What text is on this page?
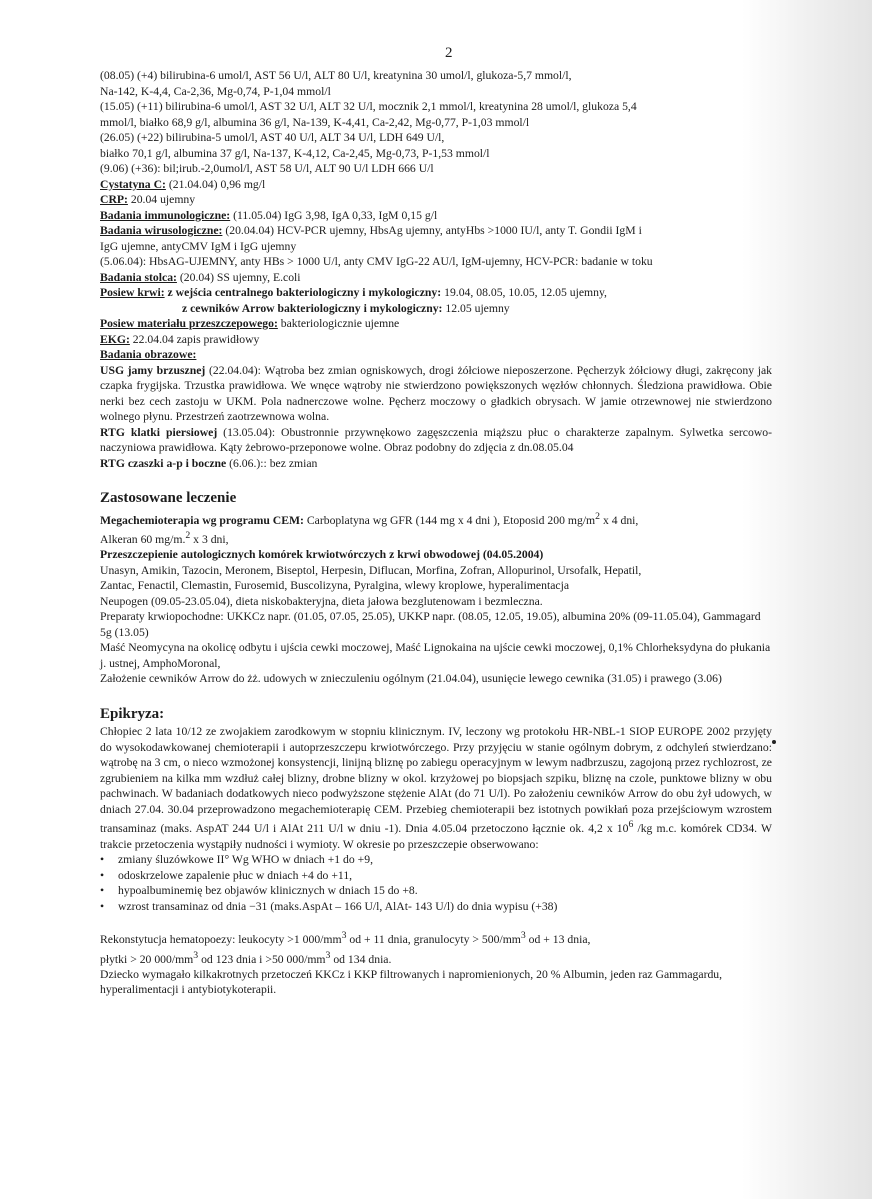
2

(08.05) (+4) bilirubina-6 umol/l, AST 56 U/l, ALT 80 U/l, kreatynina 30 umol/l, glukoza-5,7 mmol/l,

Na-142, K-4,4, Ca-2,36, Mg-0,74, P-1,04 mmol/l

(15.05) (+11) bilirubina-6 umol/l, AST 32 U/l, ALT 32 U/l, mocznik 2,1 mmol/l, kreatynina 28 umol/l, glukoza 5,4

mmol/l, białko 68,9 g/l, albumina 36 g/l, Na-139, K-4,41, Ca-2,42, Mg-0,77, P-1,03 mmol/l

(26.05) (+22) bilirubina-5 umol/l, AST 40 U/l, ALT 34 U/l, LDH 649 U/l,

białko 70,1 g/l, albumina 37 g/l, Na-137, K-4,12, Ca-2,45, Mg-0,73, P-1,53 mmol/l

(9.06) (+36): bil;irub.-2,0umol/l, AST 58 U/l, ALT 90 U/l LDH 666 U/l

Cystatyna C: (21.04.04) 0,96 mg/l

CRP: 20.04 ujemny

Badania immunologiczne: (11.05.04) IgG 3,98, IgA 0,33, IgM 0,15 g/l

Badania wirusologiczne: (20.04.04) HCV-PCR ujemny, HbsAg ujemny, antyHbs >1000 IU/l, anty T. Gondii IgM i

IgG ujemne, antyCMV IgM i IgG ujemny

(5.06.04): HbsAG-UJEMNY, anty HBs > 1000 U/l, anty CMV IgG-22 AU/l, IgM-ujemny, HCV-PCR: badanie w toku

Badania stolca: (20.04) SS ujemny, E.coli

Posiew krwi: z wejścia centralnego bakteriologiczny i mykologiczny: 19.04, 08.05, 10.05, 12.05 ujemny,

z cewników Arrow bakteriologiczny i mykologiczny: 12.05 ujemny

Posiew materiału przeszczepowego: bakteriologicznie ujemne

EKG: 22.04.04 zapis prawidłowy

Badania obrazowe:

USG jamy brzusznej (22.04.04): Wątroba bez zmian ogniskowych, drogi żółciowe nieposzerzone. Pęcherzyk żółciowy długi, zakręcony jak czapka frygijska. Trzustka prawidłowa. We wnęce wątroby nie stwierdzono powiększonych węzłów chłonnych. Śledziona prawidłowa. Obie nerki bez cech zastoju w UKM. Pola nadnerczowe wolne. Pęcherz moczowy o gładkich obrysach. W jamie otrzewnowej nie stwierdzono wolnego płynu. Przestrzeń zaotrzewnowa wolna.

RTG klatki piersiowej (13.05.04): Obustronnie przywnękowo zagęszczenia miąższu płuc o charakterze zapalnym. Sylwetka sercowo-naczyniowa prawidłowa. Kąty żebrowo-przeponowe wolne. Obraz podobny do zdjęcia z dn.08.05.04

RTG czaszki a-p i boczne (6.06.):: bez zmian

Zastosowane leczenie

Megachemioterapia wg programu CEM: Carboplatyna wg GFR (144 mg x 4 dni ), Etoposid 200 $mg/m^2$ x 4 dni,

Alkeran 60 mg/m.$^2$ x 3 dni,

Przeszczepienie autologicznych komórek krwiotwórczych z krwi obwodowej (04.05.2004)

Unasyn, Amikin, Tazocin, Meronem, Biseptol, Herpesin, Diflucan, Morfina, Zofran, Allopurinol, Ursofalk, Hepatil,

Zantac, Fenactil, Clemastin, Furosemid, Buscolizyna, Pyralgina, wlewy kroplowe, hyperalimentacja

Neupogen (09.05-23.05.04), dieta niskobakteryjna, dieta jałowa bezglutenowam i bezmleczna.

Preparaty krwiopochodne: UKKCz napr. (01.05, 07.05, 25.05), UKKP napr. (08.05, 12.05, 19.05), albumina 20% (09-11.05.04), Gammagard 5g (13.05)

Maść Neomycyna na okolicę odbytu i ujścia cewki moczowej, Maść Lignokaina na ujście cewki moczowej, 0,1% Chlorheksydyna do płukania j. ustnej, AmphoMoronal,

Założenie cewników Arrow do żż. udowych w znieczuleniu ogólnym (21.04.04), usunięcie lewego cewnika (31.05) i prawego (3.06)

Epikryza:

Chłopiec 2 lata 10/12 ze zwojakiem zarodkowym w stopniu klinicznym. IV, leczony wg protokołu HR-NBL-1 SIOP EUROPE 2002 przyjęty do wysokodawkowanej chemioterapii i autoprzeszczepu krwiotwórczego. Przy przyjęciu w stanie ogólnym dobrym, z odchyleń stwierdzano: wątrobę na 3 cm, o nieco wzmożonej konsystencji, linijną bliznę po zabiegu operacyjnym w lewym nadbrzuszu, zagojoną przez rychlozrost, ze zgrubieniem na kilka mm wzdłuż całej blizny, drobne blizny w okol. krzyżowej po biopsjach szpiku, bliznę na czole, punktowe blizny w obu pachwinach. W badaniach dodatkowych nieco podwyższone stężenie AlAt (do 71 U/l). Po założeniu cewników Arrow do obu żył udowych, w dniach 27.04. 30.04 przeprowadzono megachemioterapię CEM. Przebieg chemioterapii bez istotnych powikłań poza przejściowym wzrostem transaminaz (maks. AspAT 244 U/l i AlAt 211 U/l w dniu -1). Dnia 4.05.04 przetoczono łącznie ok. 4,2 x $10^6$ /kg m.c. komórek CD34. W trakcie przetoczenia wystąpiły nudności i wymioty. W okresie po przeszczepie obserwowano:

• zmiany śluzówkowe II° Wg WHO w dniach +1 do +9,
• odoskrzelowe zapalenie płuc w dniach +4 do +11,
• hypoalbuminemię bez objawów klinicznych w dniach 15 do +8.
• wzrost transaminaz od dnia −31 (maks.AspAt – 166 U/l, AlAt- 143 U/l) do dnia wypisu (+38)

Rekonstytucja hematopoezy: leukocyty >1 $000/mm^3$ od + 11 dnia, granulocyty > $500/mm^3$ od + 13 dnia,

płytki > 20 $000/mm^3$ od 123 dnia i >50 $000/mm^3$ od 134 dnia.

Dziecko wymagało kilkakrotnych przetoczeń KKCz i KKP filtrowanych i napromienionych, 20 % Albumin, jeden raz Gammagardu, hyperalimentacji i antybiotykoterapii.
